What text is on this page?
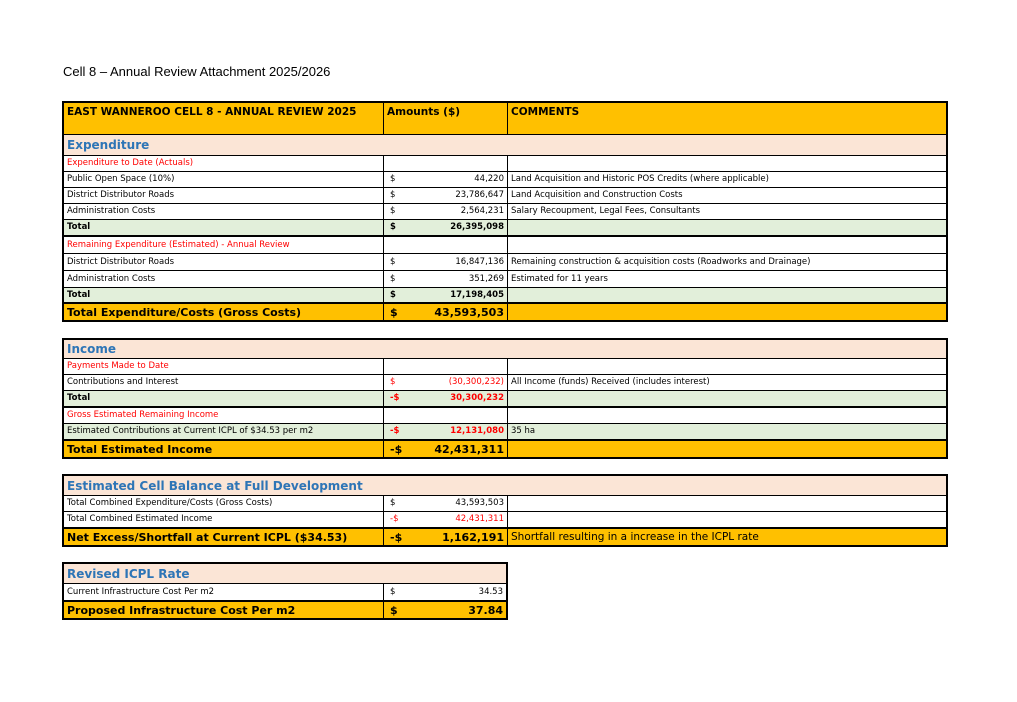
Cell 8 – Annual Review Attachment 2025/2026
EAST WANNEROO CELL 8 - ANNUAL REVIEW 2025	Amounts ($)	COMMENTS
Expenditure
Expenditure to Date (Actuals)
Public Open Space (10%)	$	44,220 Land Acquisition and Historic POS Credits (where applicable)
District Distributor Roads	$	23,786,647 Land Acquisition and Construction Costs
Administration Costs	$	2,564,231 Salary Recoupment, Legal Fees, Consultants
Total	$	26,395,098
Remaining Expenditure (Estimated) - Annual Review
District Distributor Roads	$	16,847,136 Remaining construction & acquisition costs (Roadworks and Drainage)
Administration Costs	$	351,269 Estimated for 11 years
Total	$	17,198,405
Total Expenditure/Costs (Gross Costs)	$	43,593,503
Income
Payments Made to Date
Contributions and Interest	$	(30,300,232) All Income (funds) Received (includes interest)
Total	-$	30,300,232
Gross Estimated Remaining Income
Estimated Contributions at Current ICPL of $34.53 per m2	-$	12,131,080 35 ha
Total Estimated Income	-$	42,431,311
Estimated Cell Balance at Full Development
Total Combined Expenditure/Costs (Gross Costs)	$	43,593,503
Total Combined Estimated Income	-$	42,431,311
Net Excess/Shortfall at Current ICPL ($34.53)	-$	1,162,191 Shortfall resulting in a increase in the ICPL rate
Revised ICPL Rate
Current Infrastructure Cost Per m2	$	34.53
Proposed Infrastructure Cost Per m2	$	37.84
